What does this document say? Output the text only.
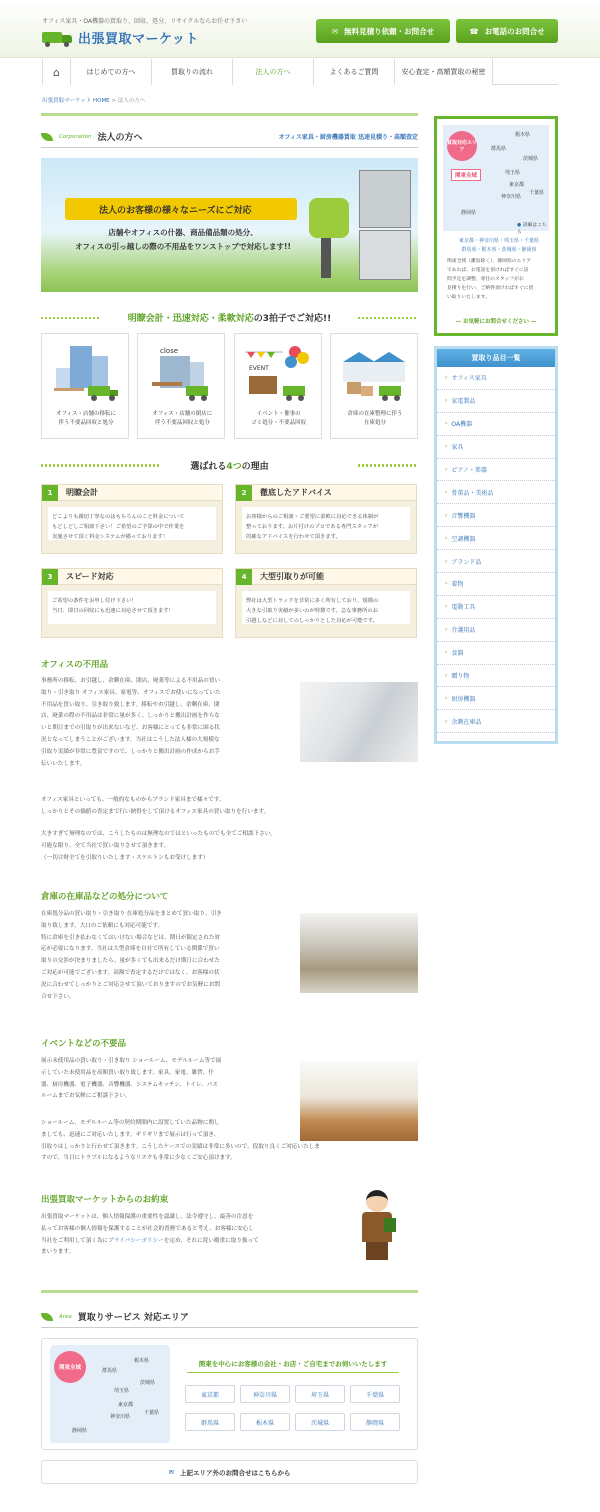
オフィス家具・OA機器の買取り、回収、処分、リサイクルならお任せ下さい
出張買取マーケット
✉ 無料見積り依頼・お問合せ	☎ お電話のお問合せ
⌂	はじめての方へ	買取りの流れ	法人の方へ	よくあるご質問	安心査定・高額買取の秘密
出張買取マーケット HOME > 法人の方へ
Corporation 法人の方へ	オフィス家具・厨房機器買取 迅速見積り・高額査定
法人のお客様の様々なニーズにご対応
店舗やオフィスの什器、商品備品類の処分、
オフィスの引っ越しの際の不用品をワンストップで対応します!!
明瞭会計・迅速対応・柔軟対応の3拍子でご対応!!
オフィス・店舗の移転に
伴う不要品回収と処分
close
オフィス・店舗の閉店に
伴う不要品回収と処分
EVENT
イベント・催事の
ゴミ処分・不要品回収
倉庫の在庫整理に伴う
在庫処分
選ばれる4つの理由
1	明瞭会計
どこよりも親切丁寧なのはもちろんのこと料金について
もどしどしご相談下さい！ご希望のご予算の中で作業を
実施させて頂く料金システムが備っております！
2	徹底したアドバイス
お客様からのご相談・ご要望に柔軟に対応できる体制が
整っております。お片付けのプロである専門スタッフが
的確なアドバイスを行わせて頂きます。
3	スピード対応
ご希望の条件をお申し付け下さい！
当日、即日の回収にも迅速に対応させて頂きます！
4	大型引取りが可能
弊社は大型トラックを非常に多く所有しており、規模の
大きな引取り実績が多いのが特徴です。急な事務所のお
引越しなどに対してのしっかりとした対応が可能です。
オフィスの不用品
事務所の移転、お引越し、余剰在庫、閉店、廃業等による不用品の買い
取り・引き取り オフィス家具、家電等、オフィスでお使いになっていた
不用品を買い取り、引き取り致します。移転やお引越し、余剰在庫、閉
店、廃業の際の不用品は非常に量が多く、しっかりと搬出計画を作らな
いと期日までの引取りが出来ないなど、お客様にとっても非常に困る状
況となってしまうことがございます。当社はこうした法人様の大規模な
引取り実績が非常に豊富ですので、しっかりと搬出計画の作成からお手
伝いいたします。
オフィス家具といっても、一般的なものからブランド家具まで様々です。
しっかりとその価値の査定まで行い納得をして頂けるオフィス家具の買い取りを行います。
大きすぎて無理なのでは、こうしたものは無理なのではといったものでも全てご相談下さい。
可能な限り、全て当社で買い取りさせて頂きます。
（一切合財全てを引取りいたします・スケルトンもお受けします）
倉庫の在庫品などの処分について
在庫処分品の買い取り・引き取り 在庫処分品をまとめて買い取り、引き
取り致します。大口のご依頼にも対応可能です。
特に倉庫を引き払わなくてはいけない場合などは、期日が限定された対
応が必要になります。当社は大型倉庫を自社で所有している関係で買い
取りの交渉が決まりましたら、量が多くても出来るだけ期日に合わせた
ご対応が可能でございます。高額で査定するだけではなく、お客様の状
況に合わせてしっかりとご対応させて頂いておりますのでお気軽にお問
合せ下さい。
イベントなどの不要品
展示未使用品の買い取り・引き取り ショールーム、モデルルーム等で展
示していた未使用品を高額買い取り致します。家具、家電、雑貨、什
器、厨房機器、電子機器、音響機器、システムキッチン、トイレ、バス
ルームまでお気軽にご相談下さい。
ショールーム、モデルルーム等の契約期間内に設置していた品物に関し
ましても、迅速にご対応いたします。ギリギリまで展示は行って頂き、
引取りはしっかりと行わせて頂きます。こうしたケースでの実績は非常に多いので、段取り良くご対応いたしま
すので、当日にトラブルになるようなリスクも非常に少なくご安心頂けます。
出張買取マーケットからのお約束
出張買取マーケットは、個人情報保護の重要性を認識し、法令遵守し、最善の注意を
払ってお客様の個人情報を保護することが社会的責務であると考え、お客様に安心し
当社をご利用して頂く為にプライバシーポリシーを定め、それに従い衛重に取り扱って
まいります。
Area 買取りサービス 対応エリア
関東全域
栃木県
群馬県
茨城県
埼玉県
東京都
千葉県
神奈川県
静岡県
関東を中心にお客様の会社・お店・ご自宅までお伺いいたします
東京都	神奈川県	埼玉県	千葉県
群馬県	栃木県	茨城県	静岡県
✉ 上記エリア外のお問合せはこちらから
買取対応エリア
関東全域
栃木県
群馬県
茨城県
埼玉県
東京都
神奈川県
千葉県
静岡県
● 詳細はこちら
東京都・神奈川県・埼玉県・千葉県
群馬県・栃木県・茨城県・静岡県
関東全域（離島除く）、静岡県のエリア
であれば、お電話を頂ければすぐに訪
問予定を調整、専任のスタッフがお
見積りを行い、ご納得頂ければすぐに買
い取りいたします。
— お気軽にお問合せください —
買取り品目一覧
› オフィス家具
› 家電製品
› OA機器
› 家具
› ピアノ・楽器
› 骨董品・美術品
› 音響機器
› 空調機器
› ブランド品
› 着物
› 電動工具
› 介護用品
› 食器
› 贈り物
› 厨房機器
› 余剰在庫品
